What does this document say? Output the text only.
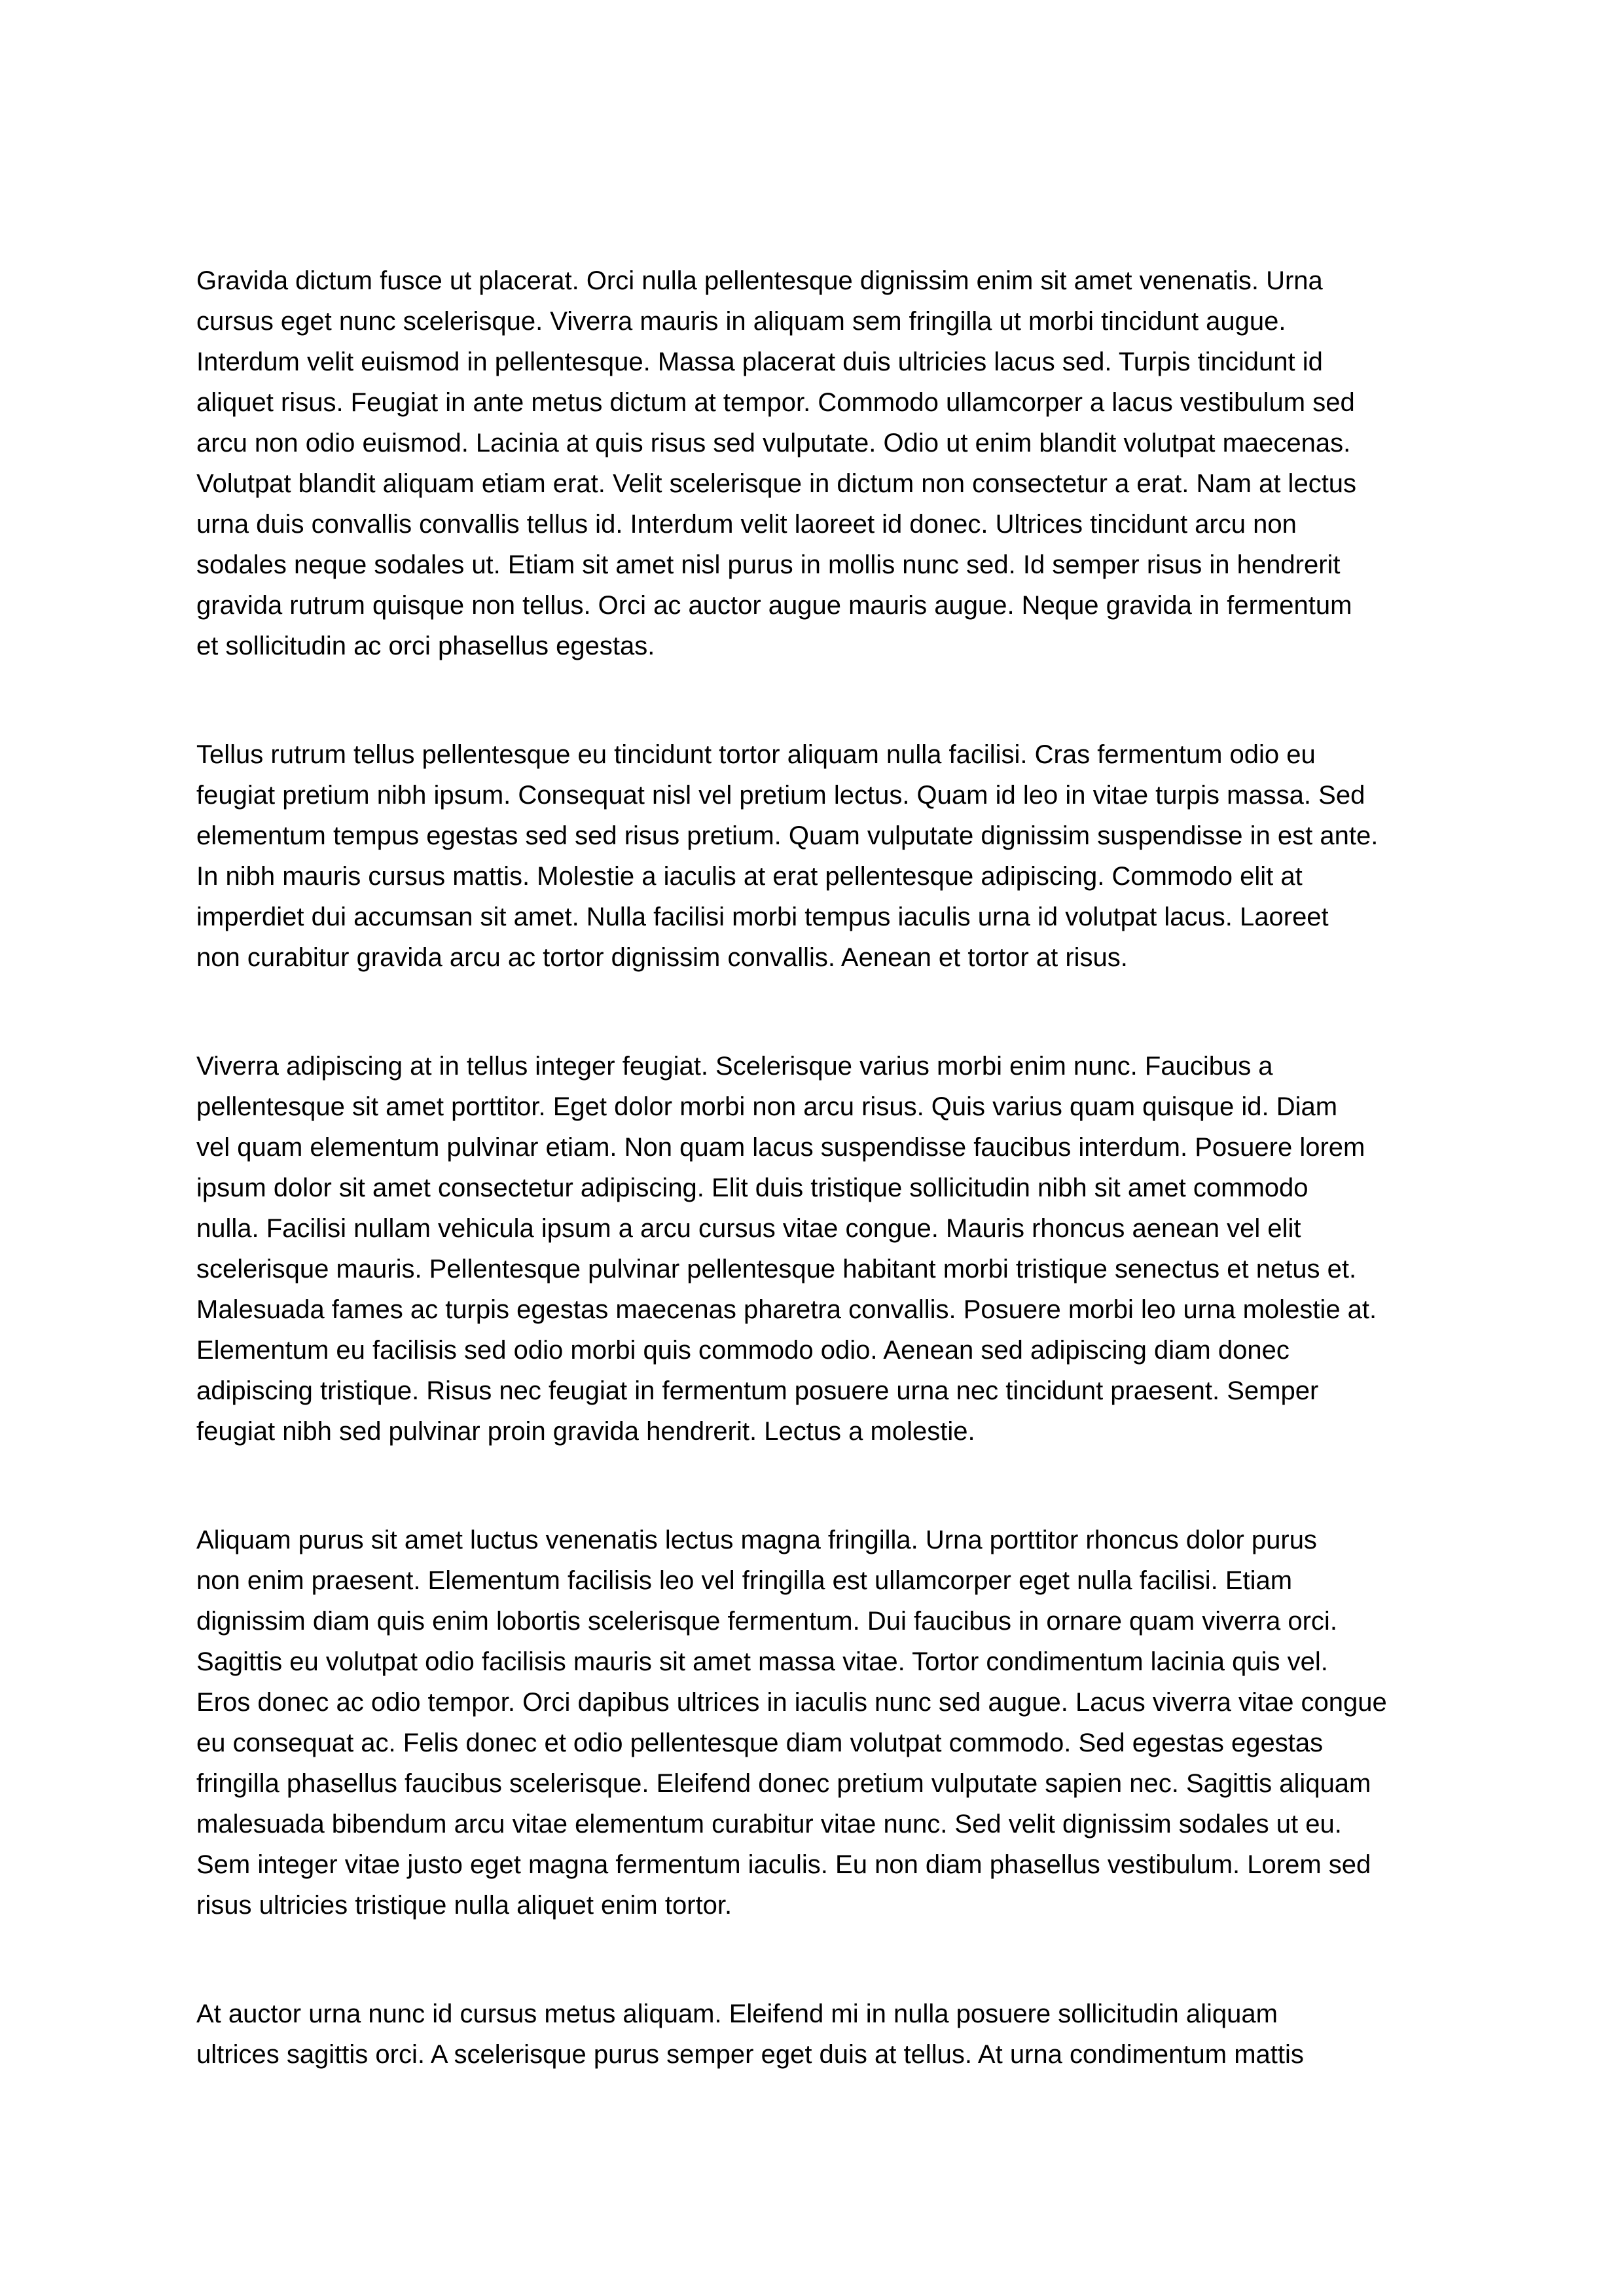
Gravida dictum fusce ut placerat. Orci nulla pellentesque dignissim enim sit amet venenatis. Urna
cursus eget nunc scelerisque. Viverra mauris in aliquam sem fringilla ut morbi tincidunt augue.
Interdum velit euismod in pellentesque. Massa placerat duis ultricies lacus sed. Turpis tincidunt id
aliquet risus. Feugiat in ante metus dictum at tempor. Commodo ullamcorper a lacus vestibulum sed
arcu non odio euismod. Lacinia at quis risus sed vulputate. Odio ut enim blandit volutpat maecenas.
Volutpat blandit aliquam etiam erat. Velit scelerisque in dictum non consectetur a erat. Nam at lectus
urna duis convallis convallis tellus id. Interdum velit laoreet id donec. Ultrices tincidunt arcu non
sodales neque sodales ut. Etiam sit amet nisl purus in mollis nunc sed. Id semper risus in hendrerit
gravida rutrum quisque non tellus. Orci ac auctor augue mauris augue. Neque gravida in fermentum
et sollicitudin ac orci phasellus egestas.

Tellus rutrum tellus pellentesque eu tincidunt tortor aliquam nulla facilisi. Cras fermentum odio eu
feugiat pretium nibh ipsum. Consequat nisl vel pretium lectus. Quam id leo in vitae turpis massa. Sed
elementum tempus egestas sed sed risus pretium. Quam vulputate dignissim suspendisse in est ante.
In nibh mauris cursus mattis. Molestie a iaculis at erat pellentesque adipiscing. Commodo elit at
imperdiet dui accumsan sit amet. Nulla facilisi morbi tempus iaculis urna id volutpat lacus. Laoreet
non curabitur gravida arcu ac tortor dignissim convallis. Aenean et tortor at risus.

Viverra adipiscing at in tellus integer feugiat. Scelerisque varius morbi enim nunc. Faucibus a
pellentesque sit amet porttitor. Eget dolor morbi non arcu risus. Quis varius quam quisque id. Diam
vel quam elementum pulvinar etiam. Non quam lacus suspendisse faucibus interdum. Posuere lorem
ipsum dolor sit amet consectetur adipiscing. Elit duis tristique sollicitudin nibh sit amet commodo
nulla. Facilisi nullam vehicula ipsum a arcu cursus vitae congue. Mauris rhoncus aenean vel elit
scelerisque mauris. Pellentesque pulvinar pellentesque habitant morbi tristique senectus et netus et.
Malesuada fames ac turpis egestas maecenas pharetra convallis. Posuere morbi leo urna molestie at.
Elementum eu facilisis sed odio morbi quis commodo odio. Aenean sed adipiscing diam donec
adipiscing tristique. Risus nec feugiat in fermentum posuere urna nec tincidunt praesent. Semper
feugiat nibh sed pulvinar proin gravida hendrerit. Lectus a molestie.

Aliquam purus sit amet luctus venenatis lectus magna fringilla. Urna porttitor rhoncus dolor purus
non enim praesent. Elementum facilisis leo vel fringilla est ullamcorper eget nulla facilisi. Etiam
dignissim diam quis enim lobortis scelerisque fermentum. Dui faucibus in ornare quam viverra orci.
Sagittis eu volutpat odio facilisis mauris sit amet massa vitae. Tortor condimentum lacinia quis vel.
Eros donec ac odio tempor. Orci dapibus ultrices in iaculis nunc sed augue. Lacus viverra vitae congue
eu consequat ac. Felis donec et odio pellentesque diam volutpat commodo. Sed egestas egestas
fringilla phasellus faucibus scelerisque. Eleifend donec pretium vulputate sapien nec. Sagittis aliquam
malesuada bibendum arcu vitae elementum curabitur vitae nunc. Sed velit dignissim sodales ut eu.
Sem integer vitae justo eget magna fermentum iaculis. Eu non diam phasellus vestibulum. Lorem sed
risus ultricies tristique nulla aliquet enim tortor.

At auctor urna nunc id cursus metus aliquam. Eleifend mi in nulla posuere sollicitudin aliquam
ultrices sagittis orci. A scelerisque purus semper eget duis at tellus. At urna condimentum mattis
